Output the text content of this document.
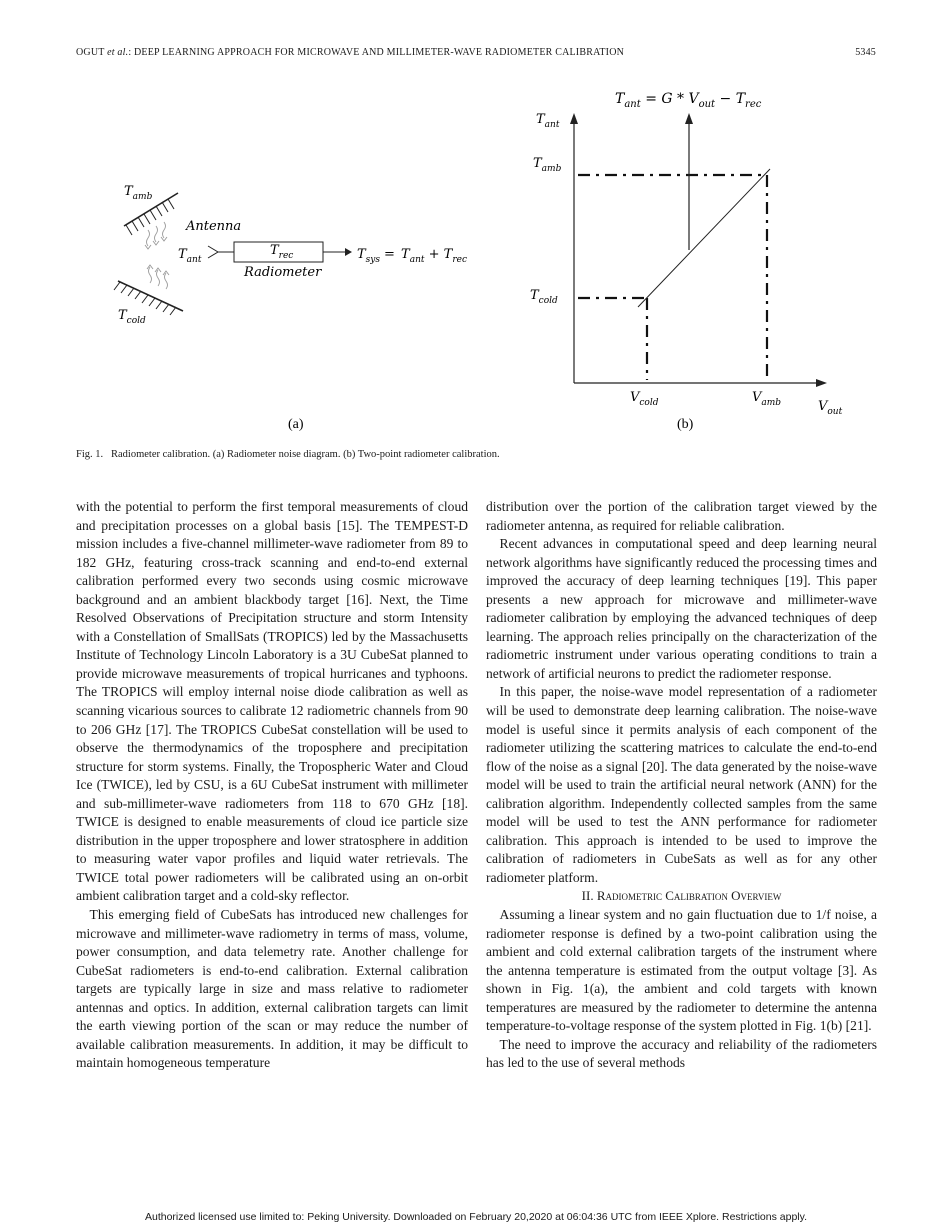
OGUT et al.: DEEP LEARNING APPROACH FOR MICROWAVE AND MILLIMETER-WAVE RADIOMETER CALIBRATION	5345
$T_{amb}$
Antenna
$T_{ant}$
$T_{rec}$
Radiometer
$T_{sys} = T_{ant} + T_{rec}$
$T_{cold}$
(a)
$T_{ant} = G * V_{out} - T_{rec}$
$T_{ant}$
$T_{amb}$
$T_{cold}$
$V_{cold}$	$V_{amb}$	$V_{out}$
(b)
Fig. 1.   Radiometer calibration. (a) Radiometer noise diagram. (b) Two-point radiometer calibration.

with the potential to perform the first temporal measurements of cloud and precipitation processes on a global basis [15]. The TEMPEST-D mission includes a five-channel millimeter-wave radiometer from 89 to 182 GHz, featuring cross-track scanning and end-to-end external calibration performed every two seconds using cosmic microwave background and an ambient blackbody target [16]. Next, the Time Resolved Observations of Precipitation structure and storm Intensity with a Constellation of SmallSats (TROPICS) led by the Massachusetts Institute of Technology Lincoln Laboratory is a 3U CubeSat planned to provide microwave measurements of tropical hurricanes and typhoons. The TROPICS will employ internal noise diode calibration as well as scanning vicarious sources to calibrate 12 radiometric channels from 90 to 206 GHz [17]. The TROPICS CubeSat constellation will be used to observe the thermodynamics of the troposphere and precipitation structure for storm systems. Finally, the Tropospheric Water and Cloud Ice (TWICE), led by CSU, is a 6U CubeSat instrument with millimeter and sub-millimeter-wave radiometers from 118 to 670 GHz [18]. TWICE is designed to enable measurements of cloud ice particle size distribution in the upper troposphere and lower stratosphere in addition to measuring water vapor profiles and liquid water retrievals. The TWICE total power radiometers will be calibrated using an on-orbit ambient calibration target and a cold-sky reflector.

This emerging field of CubeSats has introduced new challenges for microwave and millimeter-wave radiometry in terms of mass, volume, power consumption, and data telemetry rate. Another challenge for CubeSat radiometers is end-to-end calibration. External calibration targets are typically large in size and mass relative to radiometer antennas and optics. In addition, external calibration targets can limit the earth viewing portion of the scan or may reduce the number of available calibration measurements. In addition, it may be difficult to maintain homogeneous temperature

distribution over the portion of the calibration target viewed by the radiometer antenna, as required for reliable calibration.

Recent advances in computational speed and deep learning neural network algorithms have significantly reduced the processing times and improved the accuracy of deep learning techniques [19]. This paper presents a new approach for microwave and millimeter-wave radiometer calibration by employing the advanced techniques of deep learning. The approach relies principally on the characterization of the radiometric instrument under various operating conditions to train a network of artificial neurons to predict the radiometer response.

In this paper, the noise-wave model representation of a radiometer will be used to demonstrate deep learning calibration. The noise-wave model is useful since it permits analysis of each component of the radiometer utilizing the scattering matrices to calculate the end-to-end flow of the noise as a signal [20]. The data generated by the noise-wave model will be used to train the artificial neural network (ANN) for the calibration algorithm. Independently collected samples from the same model will be used to test the ANN performance for radiometer calibration. This approach is intended to be used to improve the calibration of radiometers in CubeSats as well as for any other radiometer platform.

II. Radiometric Calibration Overview

Assuming a linear system and no gain fluctuation due to 1/f noise, a radiometer response is defined by a two-point calibration using the ambient and cold external calibration targets of the instrument where the antenna temperature is estimated from the output voltage [3]. As shown in Fig. 1(a), the ambient and cold targets with known temperatures are measured by the radiometer to determine the antenna temperature-to-voltage response of the system plotted in Fig. 1(b) [21].

The need to improve the accuracy and reliability of the radiometers has led to the use of several methods

Authorized licensed use limited to: Peking University. Downloaded on February 20,2020 at 06:04:36 UTC from IEEE Xplore. Restrictions apply.
